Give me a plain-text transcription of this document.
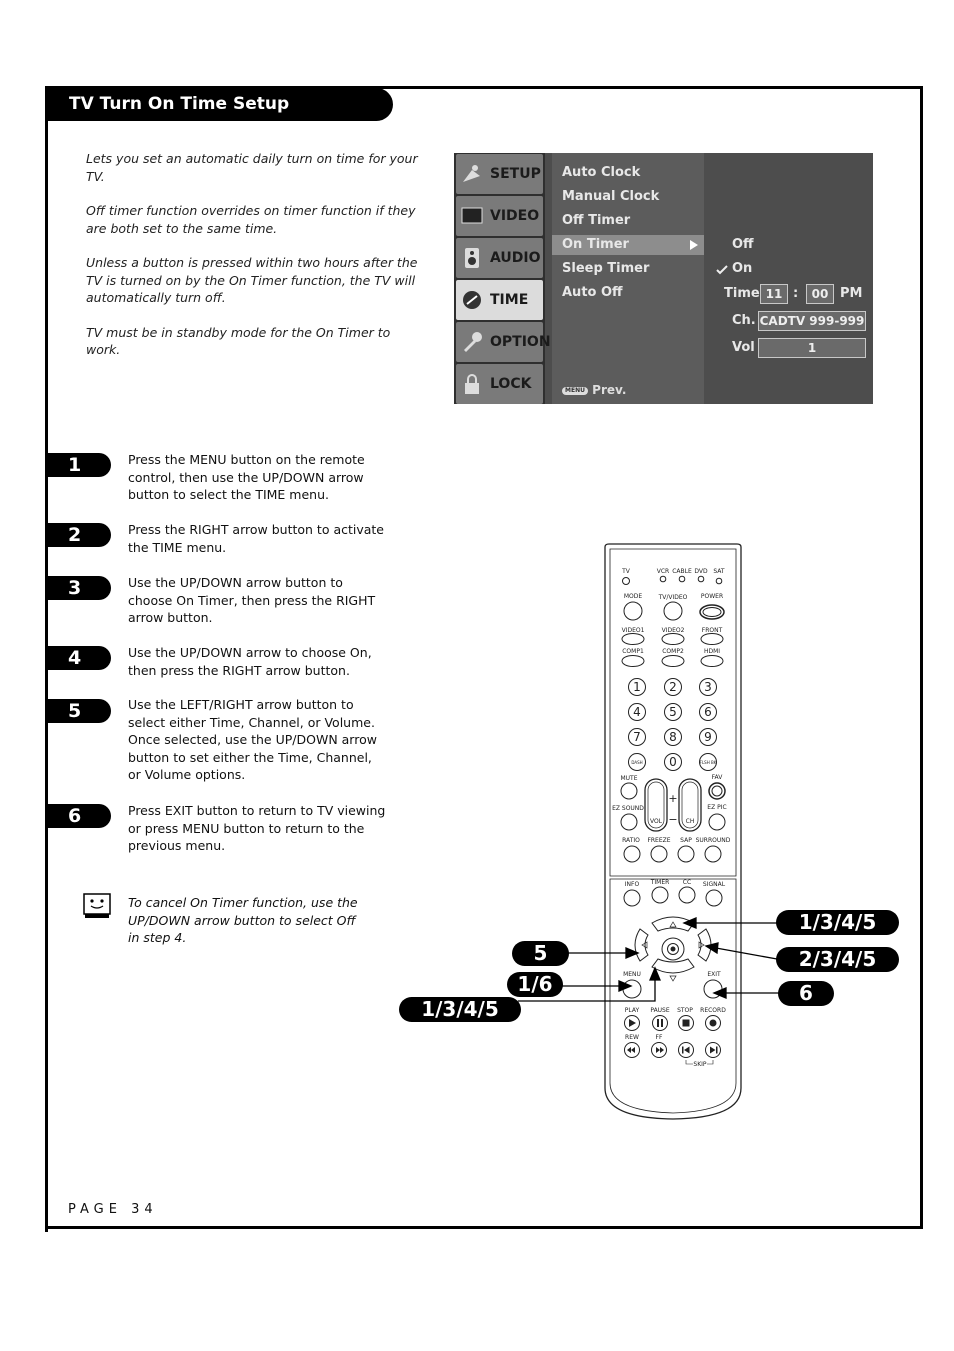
TV Turn On Time Setup

Lets you set an automatic daily turn on time for your TV.

Off timer function overrides on timer function if they are both set to the same time.

Unless a button is pressed within two hours after the TV is turned on by the On Timer function, the TV will automatically turn off.

TV must be in standby mode for the On Timer to work.

SETUP
VIDEO
AUDIO
TIME
OPTION
LOCK
Auto Clock
Manual Clock
Off Timer
On Timer
Sleep Timer
Auto Off
MENU Prev.
Off
On
Time 11 :	00 PM
Ch. CADTV 999-999
Vol	1
1	Press the MENU button on the remote control, then use the UP/DOWN arrow button to select the TIME menu.
2	Press the RIGHT arrow button to activate the TIME menu.
3	Use the UP/DOWN arrow button to choose On Timer, then press the RIGHT arrow button.
4	Use the UP/DOWN arrow to choose On, then press the RIGHT arrow button.
5	Use the LEFT/RIGHT arrow button to select either Time, Channel, or Volume. Once selected, use the UP/DOWN arrow button to set either the Time, Channel, or Volume options.
6	Press EXIT button to return to TV viewing or press MENU button to return to the previous menu.
To cancel On Timer function, use the UP/DOWN arrow button to select Off in step 4.
TV	VCR CABLE DVD SAT
MODE	TV/VIDEO POWER
VIDEO1	VIDEO2	FRONT
COMP1	COMP2	HDMI
1 2 3
4 5 6
7 8 9
0
DASH	FLSH BK
MUTE	FAV
EZ SOUND	EZ PIC
+
−
VOL	CH
RATIO FREEZE SAP SURROUND
INFO TIMER CC SIGNAL
MENU	EXIT
PLAY PAUSE STOP RECORD
REW	FF
SKIP
1/3/4/5
2/3/4/5
5
1/6
1/3/4/5
6
PAGE 34
